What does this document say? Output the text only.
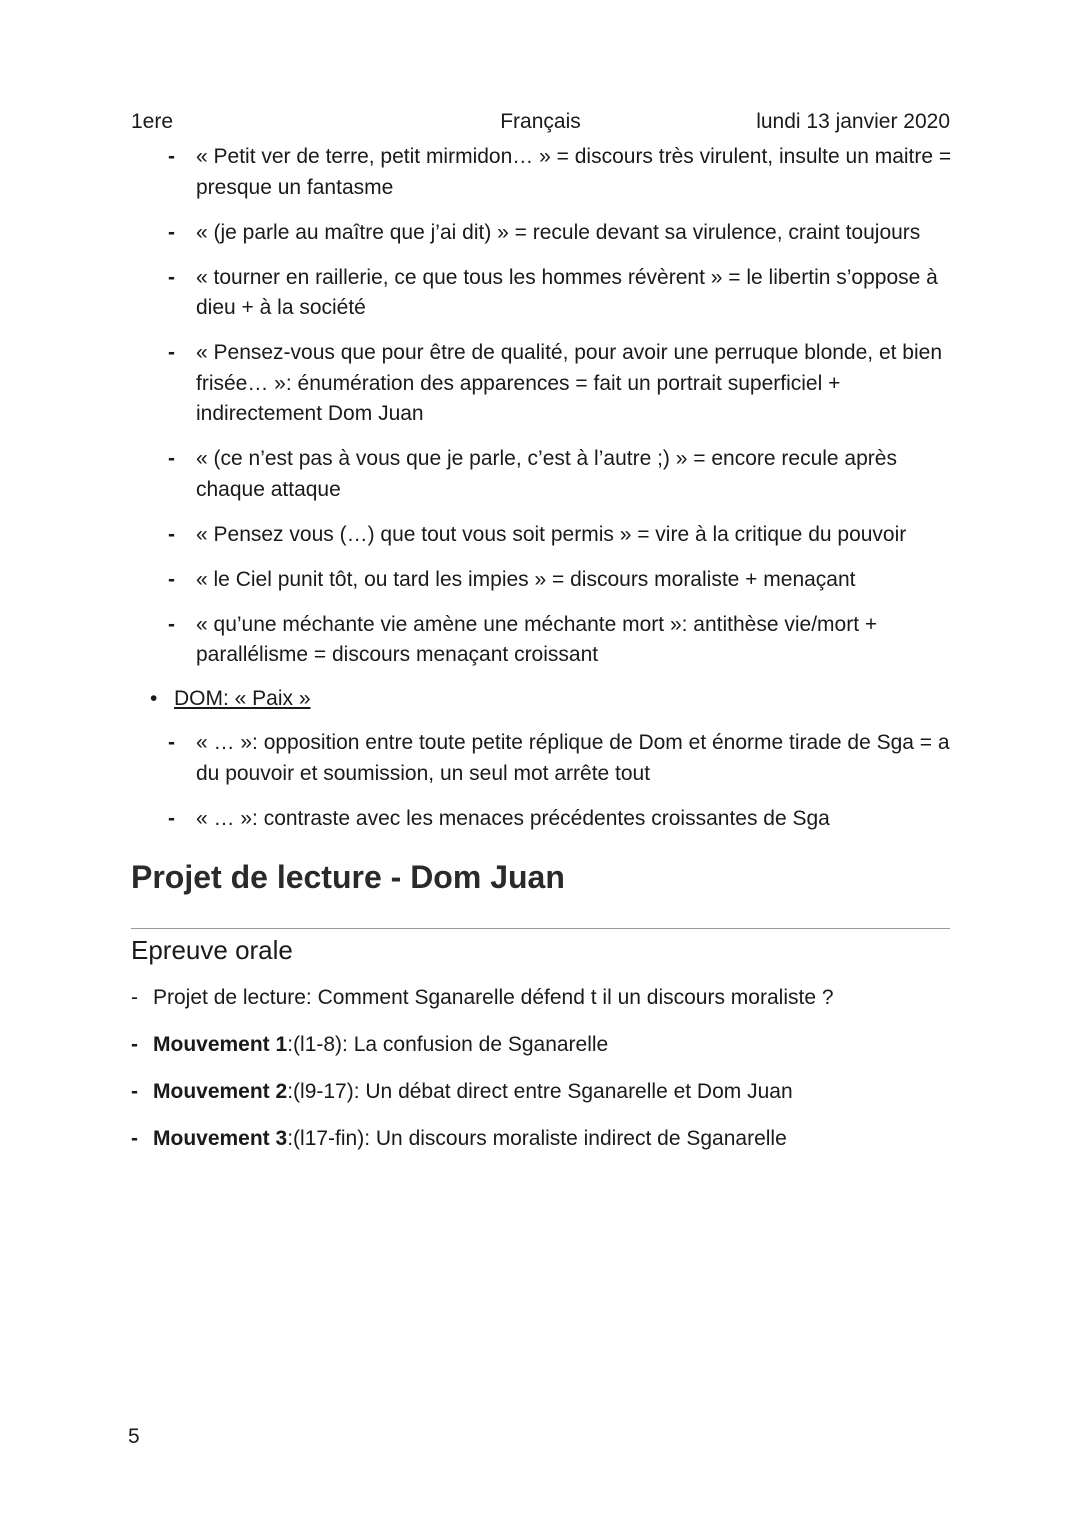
1ere	Français	lundi 13 janvier 2020
- « Petit ver de terre, petit mirmidon… » = discours très virulent, insulte un maitre = presque un fantasme
- « (je parle au maître que j’ai dit) » = recule devant sa virulence, craint toujours
- « tourner en raillerie, ce que tous les hommes révèrent » = le libertin s’oppose à dieu + à la société
- « Pensez-vous que pour être de qualité, pour avoir une perruque blonde, et bien frisée… »: énumération des apparences = fait un portrait superficiel + indirectement Dom Juan
- « (ce n’est pas à vous que je parle, c’est à l’autre ;) » = encore recule après chaque attaque
- « Pensez vous (…) que tout vous soit permis » = vire à la critique du pouvoir
- « le Ciel punit tôt, ou tard les impies » = discours moraliste + menaçant
- « qu’une méchante vie amène une méchante mort »: antithèse vie/mort + parallélisme = discours menaçant croissant
• DOM: « Paix »
- « … »: opposition entre toute petite réplique de Dom et énorme tirade de Sga = a du pouvoir et soumission, un seul mot arrête tout
- « … »: contraste avec les menaces précédentes croissantes de Sga
Projet de lecture - Dom Juan
Epreuve orale
- Projet de lecture: Comment Sganarelle défend t il un discours moraliste ?
- Mouvement 1:(l1-8): La confusion de Sganarelle
- Mouvement 2:(l9-17): Un débat direct entre Sganarelle et Dom Juan
- Mouvement 3:(l17-fin): Un discours moraliste indirect de Sganarelle
5
